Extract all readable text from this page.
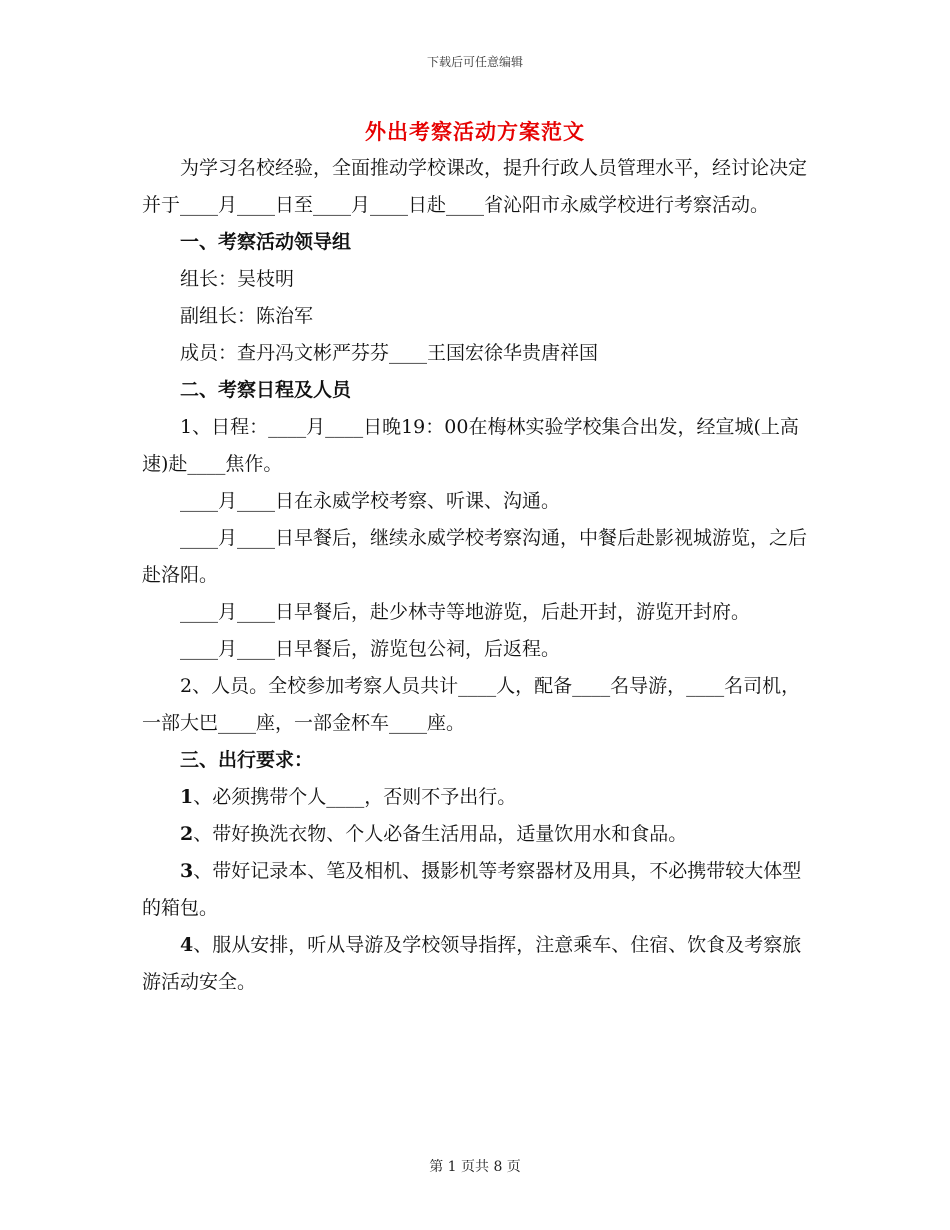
下载后可任意编辑
外出考察活动方案范文

为学习名校经验，全面推动学校课改，提升行政人员管理水平，经讨论决定并于____月____日至____月____日赴____省沁阳市永威学校进行考察活动。

一、考察活动领导组

组长：吴枝明

副组长：陈治军

成员：查丹冯文彬严芬芬____王国宏徐华贵唐祥国

二、考察日程及人员

1、日程：____月____日晚19：00在梅林实验学校集合出发，经宣城(上高速)赴____焦作。

____月____日在永威学校考察、听课、沟通。

____月____日早餐后，继续永威学校考察沟通，中餐后赴影视城游览，之后赴洛阳。

____月____日早餐后，赴少林寺等地游览，后赴开封，游览开封府。

____月____日早餐后，游览包公祠，后返程。

2、人员。全校参加考察人员共计____人，配备____名导游，____名司机，一部大巴____座，一部金杯车____座。

三、出行要求：

1、必须携带个人____，否则不予出行。

2、带好换洗衣物、个人必备生活用品，适量饮用水和食品。

3、带好记录本、笔及相机、摄影机等考察器材及用具，不必携带较大体型的箱包。

4、服从安排，听从导游及学校领导指挥，注意乘车、住宿、饮食及考察旅游活动安全。

第 1 页共 8 页
